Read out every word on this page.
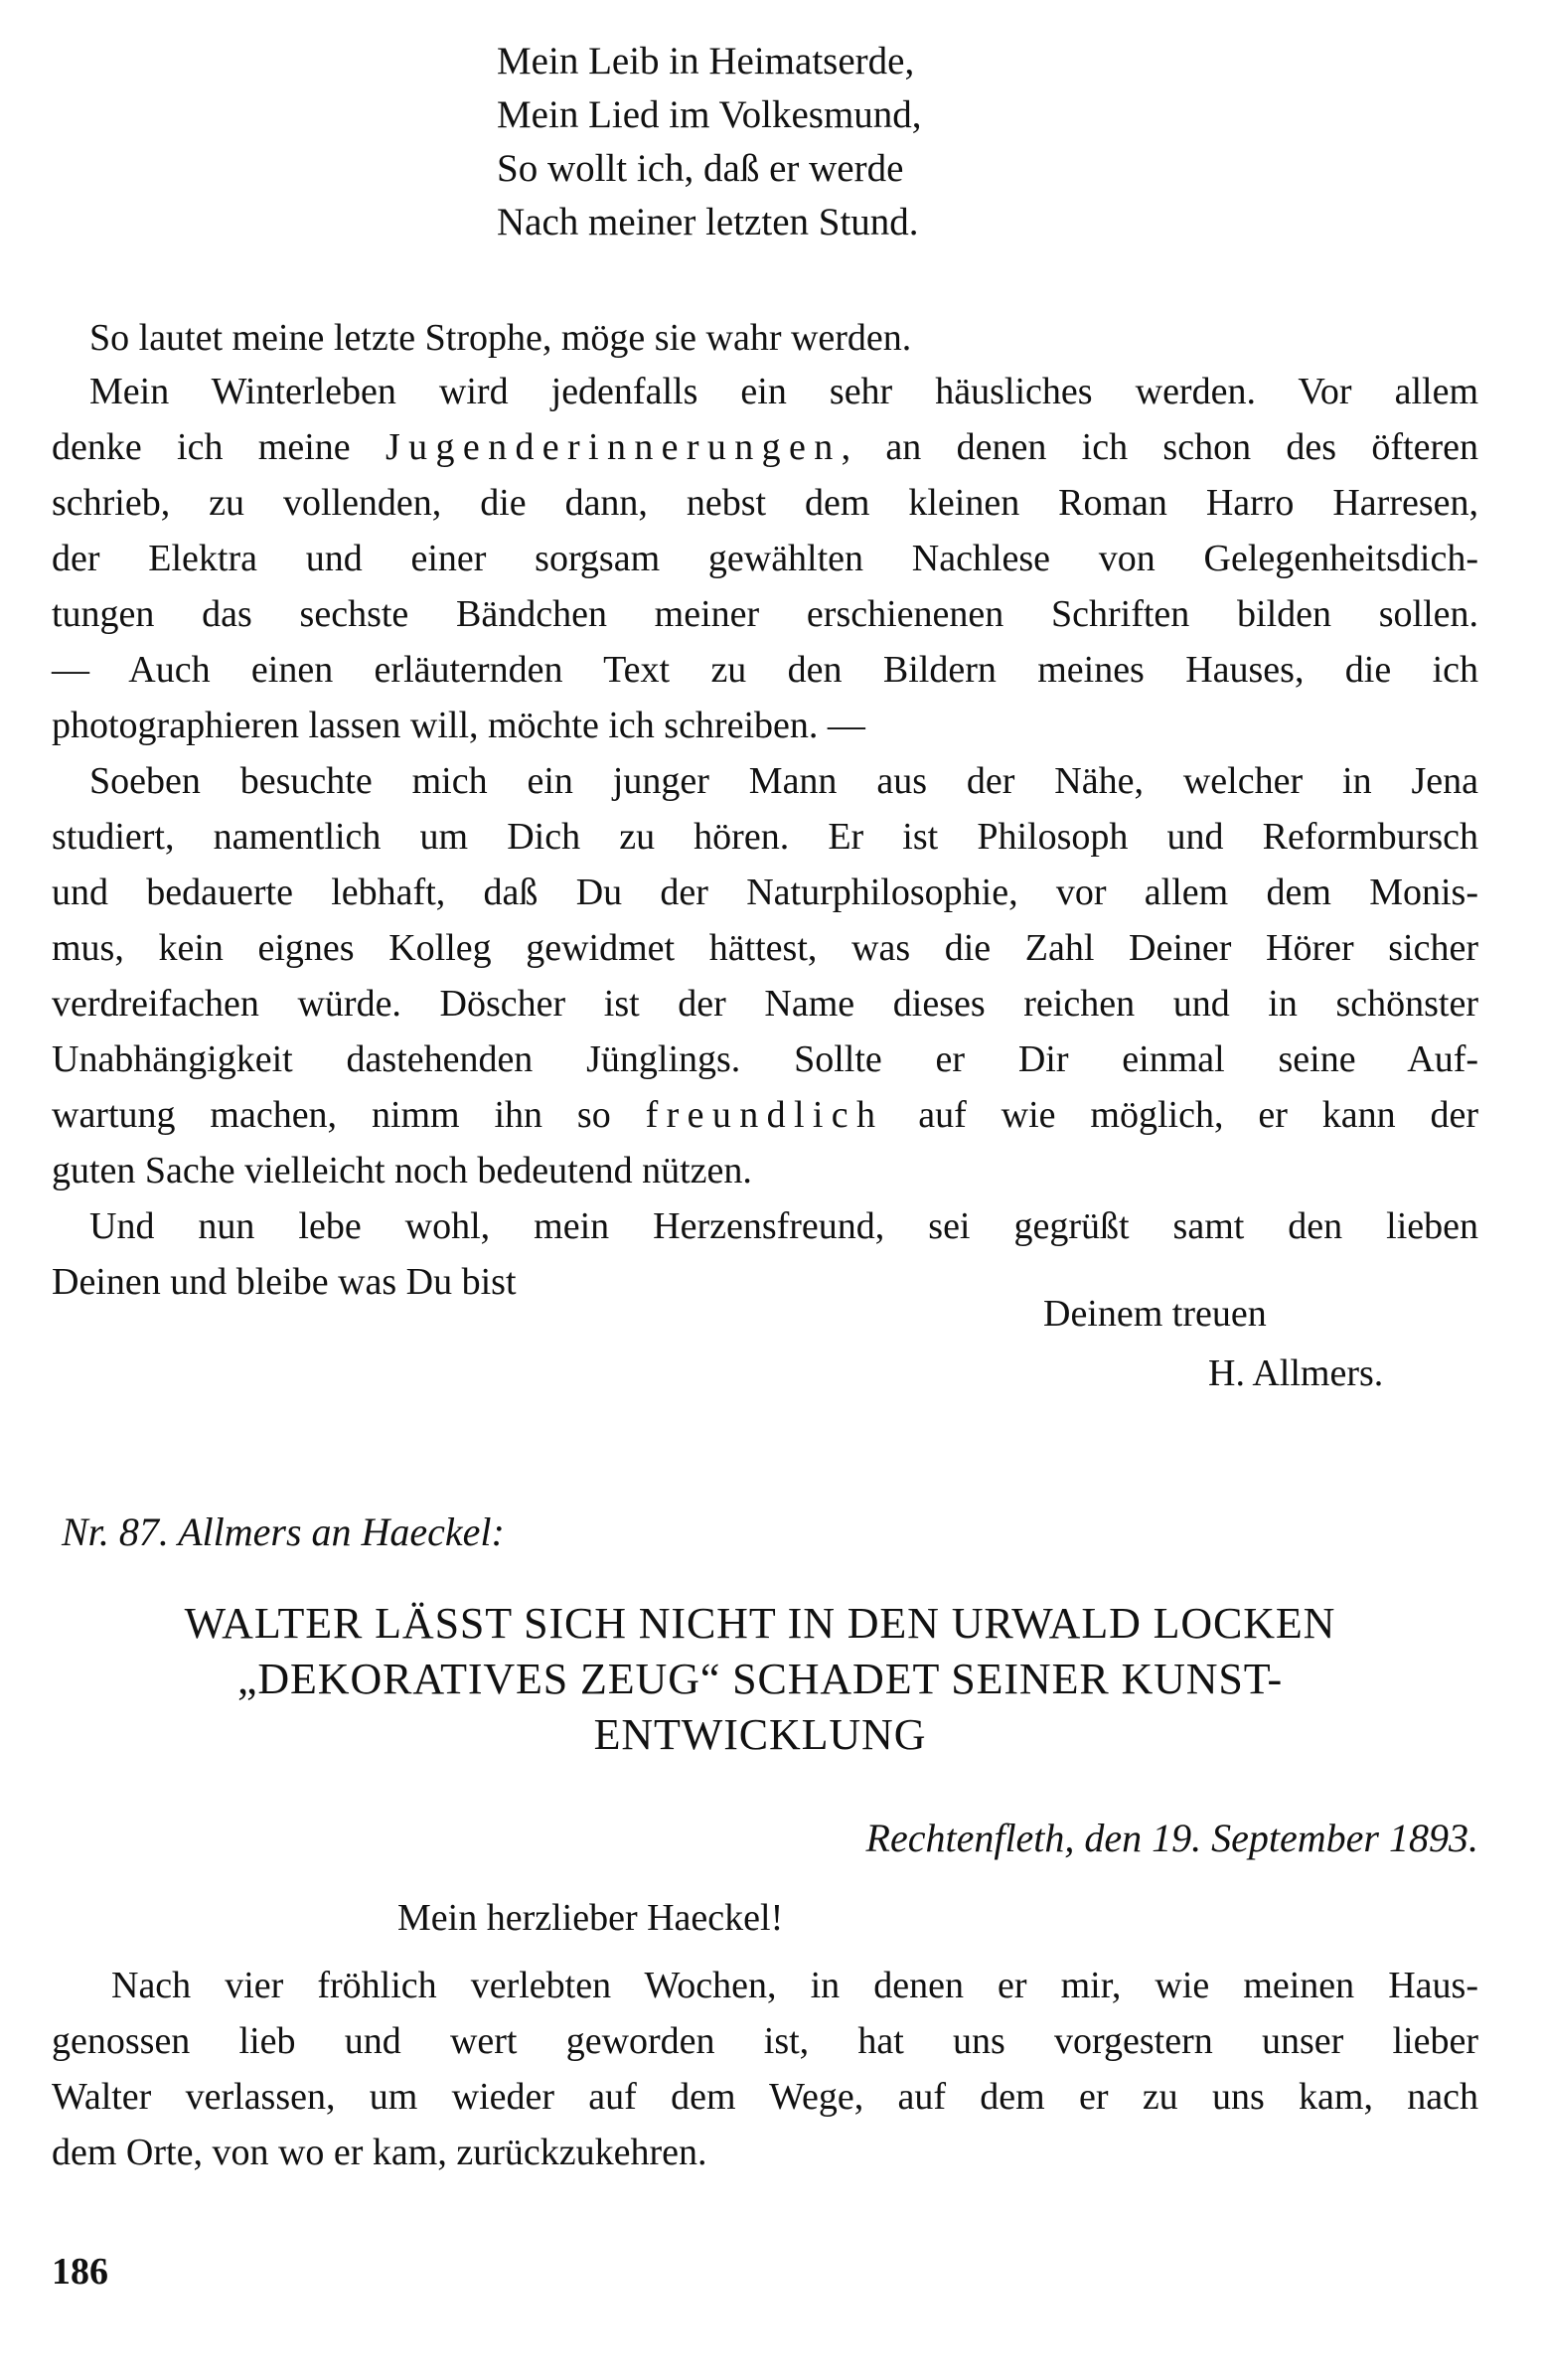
Mein Leib in Heimatserde,
Mein Lied im Volkesmund,
So wollt ich, daß er werde
Nach meiner letzten Stund.
So lautet meine letzte Strophe, möge sie wahr werden.
Mein Winterleben wird jedenfalls ein sehr häusliches werden. Vor allem
denke ich meine Jugenderinnerungen, an denen ich schon des öfteren
schrieb, zu vollenden, die dann, nebst dem kleinen Roman Harro Harresen,
der Elektra und einer sorgsam gewählten Nachlese von Gelegenheitsdich-
tungen das sechste Bändchen meiner erschienenen Schriften bilden sollen.
— Auch einen erläuternden Text zu den Bildern meines Hauses, die ich
photographieren lassen will, möchte ich schreiben. —
Soeben besuchte mich ein junger Mann aus der Nähe, welcher in Jena
studiert, namentlich um Dich zu hören. Er ist Philosoph und Reformbursch
und bedauerte lebhaft, daß Du der Naturphilosophie, vor allem dem Monis-
mus, kein eignes Kolleg gewidmet hättest, was die Zahl Deiner Hörer sicher
verdreifachen würde. Döscher ist der Name dieses reichen und in schönster
Unabhängigkeit dastehenden Jünglings. Sollte er Dir einmal seine Auf-
wartung machen, nimm ihn so freundlich auf wie möglich, er kann der
guten Sache vielleicht noch bedeutend nützen.
Und nun lebe wohl, mein Herzensfreund, sei gegrüßt samt den lieben
Deinen und bleibe was Du bist
Deinem treuen
H. Allmers.
Nr. 87. Allmers an Haeckel:
WALTER LÄSST SICH NICHT IN DEN URWALD LOCKEN
„DEKORATIVES ZEUG“ SCHADET SEINER KUNST-
ENTWICKLUNG
Rechtenfleth, den 19. September 1893.
Mein herzlieber Haeckel!
Nach vier fröhlich verlebten Wochen, in denen er mir, wie meinen Haus-
genossen lieb und wert geworden ist, hat uns vorgestern unser lieber
Walter verlassen, um wieder auf dem Wege, auf dem er zu uns kam, nach
dem Orte, von wo er kam, zurückzukehren.
186
